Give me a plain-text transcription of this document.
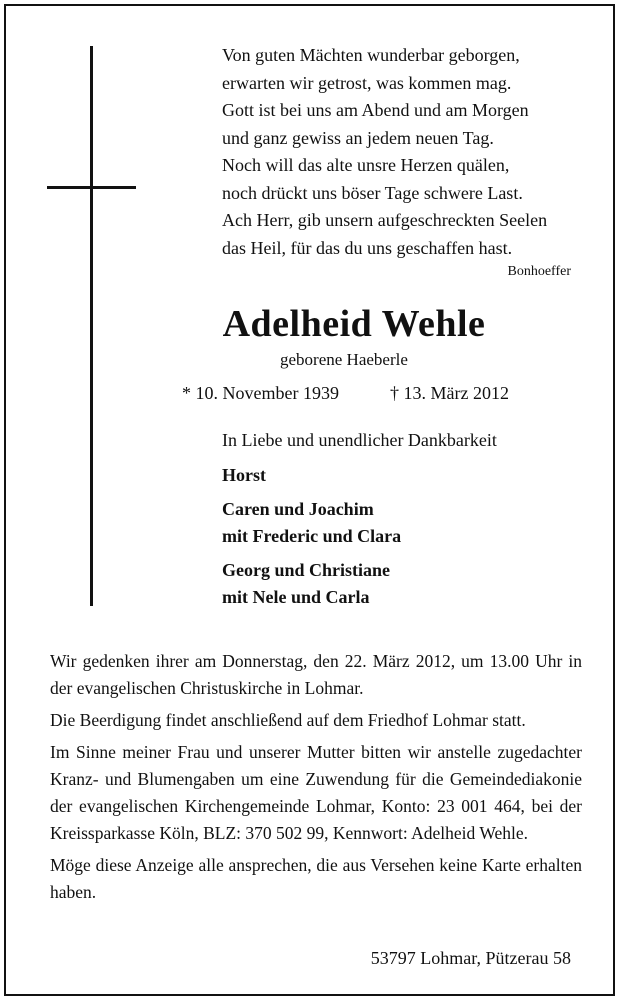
Von guten Mächten wunderbar geborgen,
erwarten wir getrost, was kommen mag.
Gott ist bei uns am Abend und am Morgen
und ganz gewiss an jedem neuen Tag.
Noch will das alte unsre Herzen quälen,
noch drückt uns böser Tage schwere Last.
Ach Herr, gib unsern aufgeschreckten Seelen
das Heil, für das du uns geschaffen hast.
Bonhoeffer
Adelheid Wehle
geborene Haeberle
* 10. November 1939	† 13. März 2012
In Liebe und unendlicher Dankbarkeit
Horst
Caren und Joachim
mit Frederic und Clara
Georg und Christiane
mit Nele und Carla

Wir gedenken ihrer am Donnerstag, den 22. März 2012, um 13.00 Uhr in der evangelischen Christuskirche in Lohmar.

Die Beerdigung findet anschließend auf dem Friedhof Lohmar statt.

Im Sinne meiner Frau und unserer Mutter bitten wir anstelle zugedachter Kranz- und Blumengaben um eine Zuwendung für die Gemeindediakonie der evangelischen Kirchengemeinde Lohmar, Konto: 23 001 464, bei der Kreissparkasse Köln, BLZ: 370 502 99, Kennwort: Adelheid Wehle.

Möge diese Anzeige alle ansprechen, die aus Versehen keine Karte erhalten haben.

53797 Lohmar, Pützerau 58
